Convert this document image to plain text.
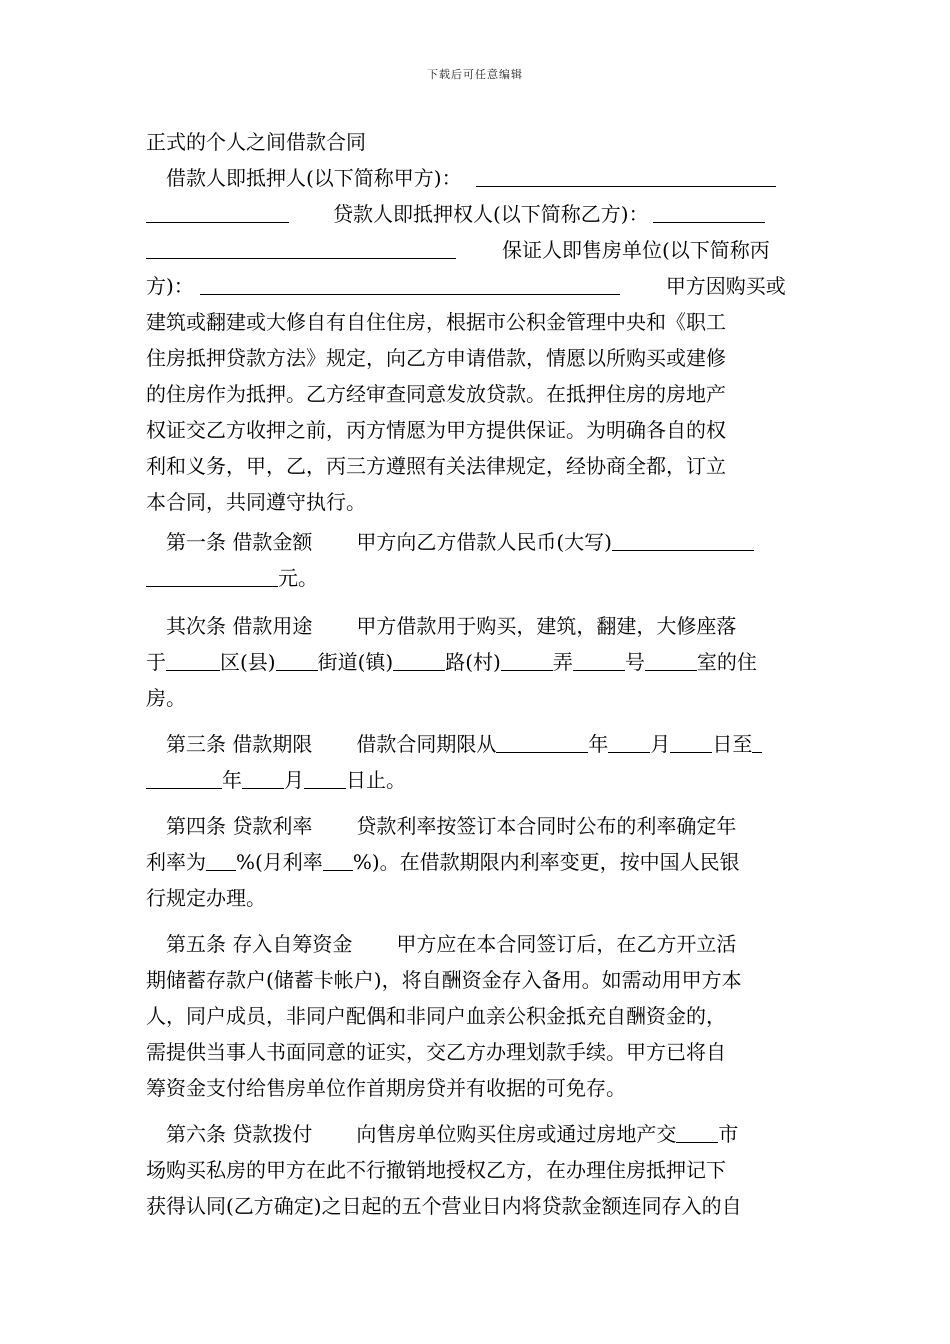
下载后可任意编辑
正式的个人之间借款合同
借款人即抵押人(以下简称甲方)：
贷款人即抵押权人(以下简称乙方)：
保证人即售房单位(以下简称丙
方)：	甲方因购买或
建筑或翻建或大修自有自住住房，根据市公积金管理中央和《职工
住房抵押贷款方法》规定，向乙方申请借款，情愿以所购买或建修
的住房作为抵押。乙方经审查同意发放贷款。在抵押住房的房地产
权证交乙方收押之前，丙方情愿为甲方提供保证。为明确各自的权
利和义务，甲，乙，丙三方遵照有关法律规定，经协商全都，订立
本合同，共同遵守执行。
第一条 借款金额 甲方向乙方借款人民币(大写)
元。
其次条 借款用途 甲方借款用于购买，建筑，翻建，大修座落
于	区(县) 街道(镇)	路(村)	弄	号	室的住
房。
第三条 借款期限 借款合同期限从	年 月 日至
年 月 日止。
第四条 贷款利率 贷款利率按签订本合同时公布的利率确定年
利率为 %(月利率 %)。在借款期限内利率变更，按中国人民银
行规定办理。
第五条 存入自筹资金 甲方应在本合同签订后，在乙方开立活
期储蓄存款户(储蓄卡帐户)，将自酬资金存入备用。如需动用甲方本
人，同户成员，非同户配偶和非同户血亲公积金抵充自酬资金的，
需提供当事人书面同意的证实，交乙方办理划款手续。甲方已将自
筹资金支付给售房单位作首期房贷并有收据的可免存。
第六条 贷款拨付 向售房单位购买住房或通过房地产交 市
场购买私房的甲方在此不行撤销地授权乙方，在办理住房抵押记下
获得认同(乙方确定)之日起的五个营业日内将贷款金额连同存入的自
